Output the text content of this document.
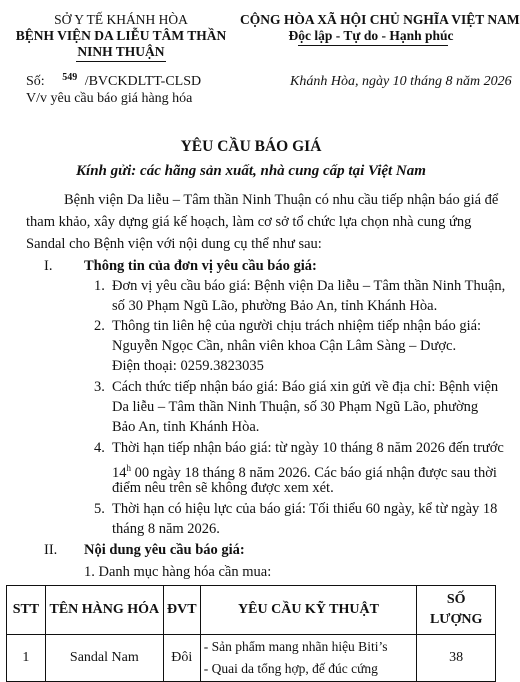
SỞ Y TẾ KHÁNH HÒA
BỆNH VIỆN DA LIỄU TÂM THẦN
NINH THUẬN
CỘNG HÒA XÃ HỘI CHỦ NGHĨA VIỆT NAM
Độc lập - Tự do - Hạnh phúc
Số: 549 /BVCKDLTT-CLSD	Khánh Hòa, ngày 10 tháng 8 năm 2026
V/v yêu cầu báo giá hàng hóa
YÊU CẦU BÁO GIÁ
Kính gửi: các hãng sản xuất, nhà cung cấp tại Việt Nam
Bệnh viện Da liễu – Tâm thần Ninh Thuận có nhu cầu tiếp nhận báo giá để
tham khảo, xây dựng giá kế hoạch, làm cơ sở tổ chức lựa chọn nhà cung ứng
Sandal cho Bệnh viện với nội dung cụ thể như sau:
I. Thông tin của đơn vị yêu cầu báo giá:
1. Đơn vị yêu cầu báo giá: Bệnh viện Da liễu – Tâm thần Ninh Thuận,
số 30 Phạm Ngũ Lão, phường Bảo An, tỉnh Khánh Hòa.
2. Thông tin liên hệ của người chịu trách nhiệm tiếp nhận báo giá:
Nguyễn Ngọc Cần, nhân viên khoa Cận Lâm Sàng – Dược.
Điện thoại: 0259.3823035
3. Cách thức tiếp nhận báo giá: Báo giá xin gửi về địa chỉ: Bệnh viện
Da liễu – Tâm thần Ninh Thuận, số 30 Phạm Ngũ Lão, phường
Bảo An, tỉnh Khánh Hòa.
4. Thời hạn tiếp nhận báo giá: từ ngày 10 tháng 8 năm 2026 đến trước
14$^h$ 00 ngày 18 tháng 8 năm 2026. Các báo giá nhận được sau thời
điểm nêu trên sẽ không được xem xét.
5. Thời hạn có hiệu lực của báo giá: Tối thiểu 60 ngày, kể từ ngày 18
tháng 8 năm 2026.
II. Nội dung yêu cầu báo giá:
1. Danh mục hàng hóa cần mua:
STT	TÊN HÀNG HÓA	ĐVT	YÊU CẦU KỸ THUẬT	SỐ
LƯỢNG

1	Sandal Nam	Đôi	- Sản phẩm mang nhãn hiệu Biti’s
- Quai da tổng hợp, đế đúc cứng	38
